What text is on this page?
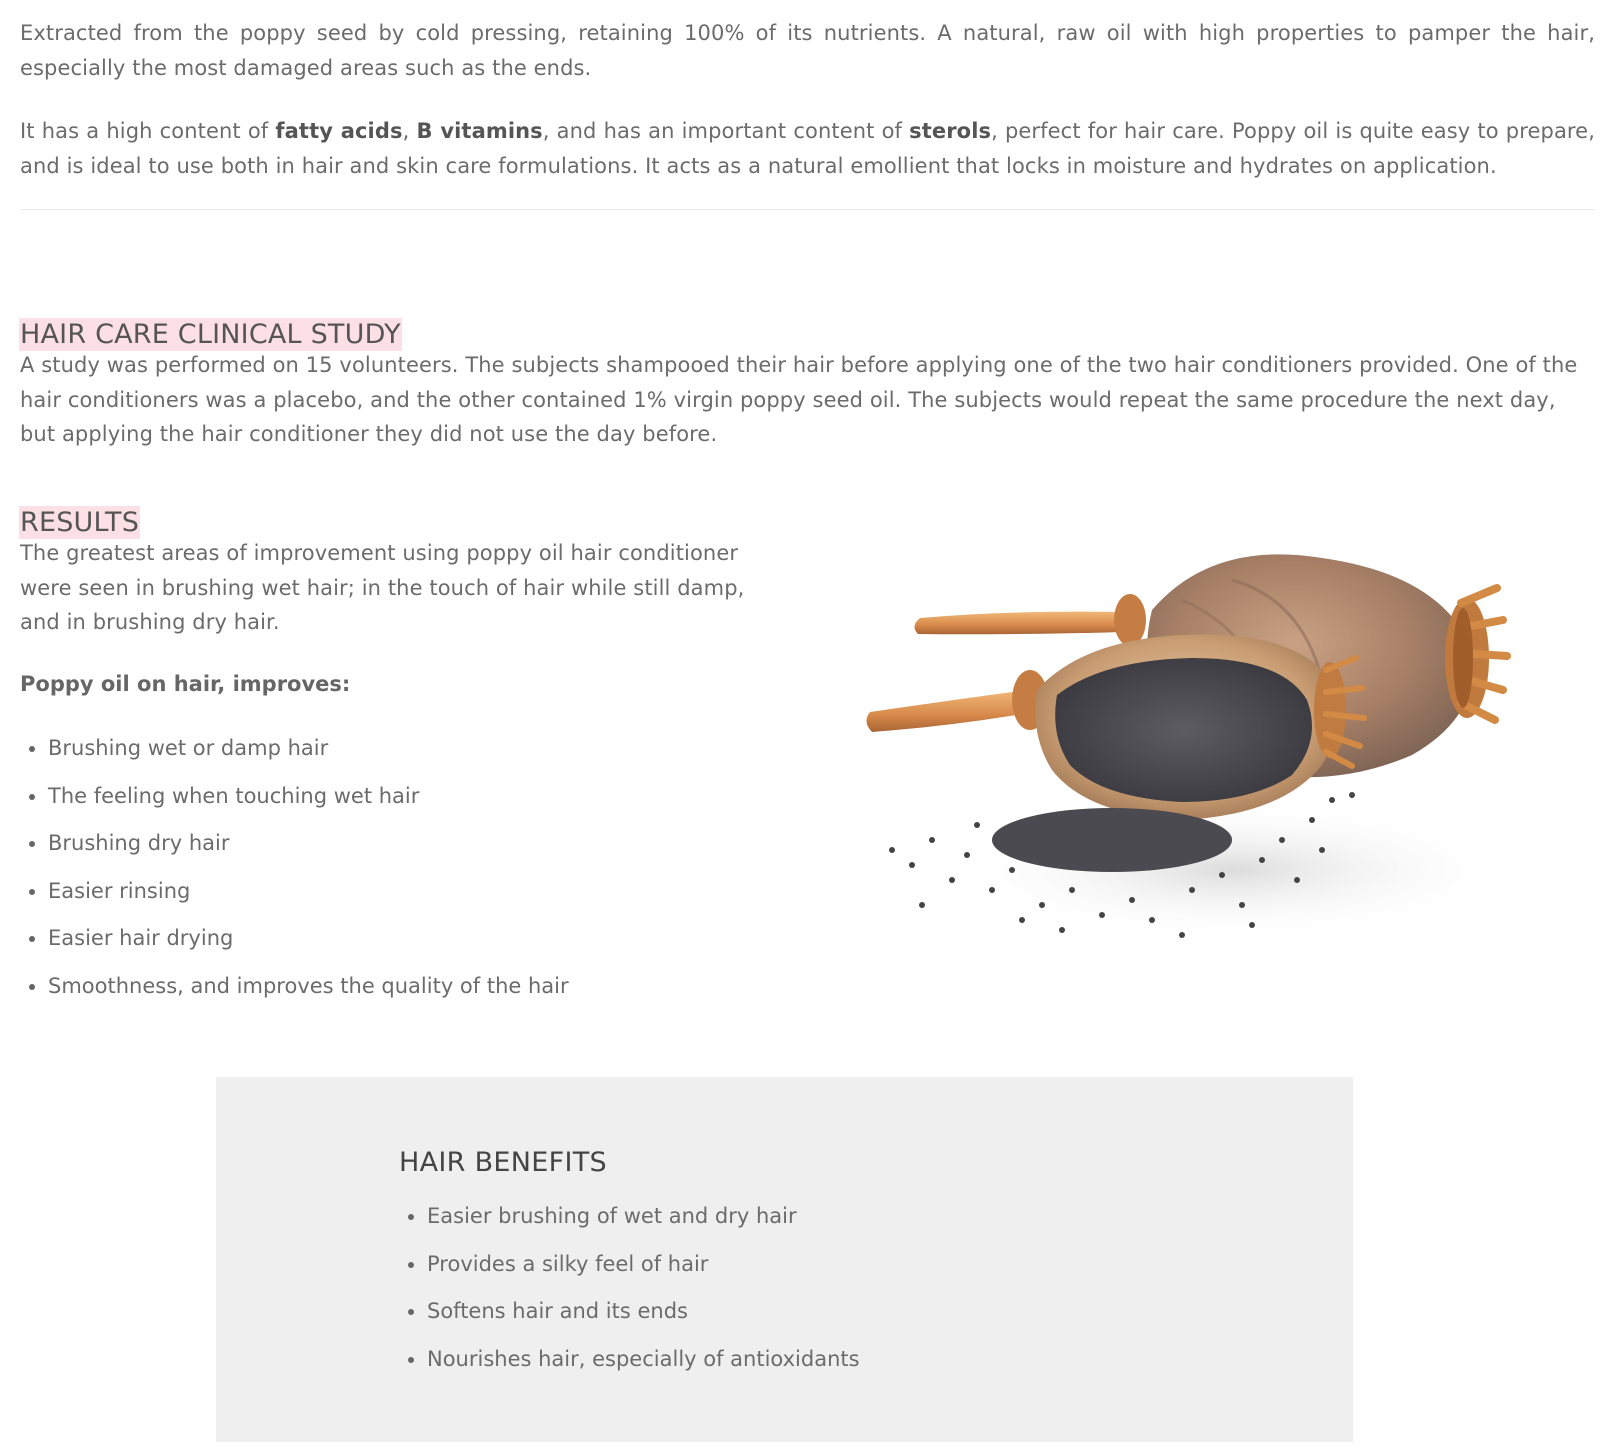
Extracted from the poppy seed by cold pressing, retaining 100% of its nutrients. A natural, raw oil with high properties to pamper the hair, especially the most damaged areas such as the ends.

It has a high content of fatty acids, B vitamins, and has an important content of sterols, perfect for hair care. Poppy oil is quite easy to prepare, and is ideal to use both in hair and skin care formulations. It acts as a natural emollient that locks in moisture and hydrates on application.

HAIR CARE CLINICAL STUDY

A study was performed on 15 volunteers. The subjects shampooed their hair before applying one of the two hair conditioners provided. One of the hair conditioners was a placebo, and the other contained 1% virgin poppy seed oil. The subjects would repeat the same procedure the next day, but applying the hair conditioner they did not use the day before.

RESULTS

The greatest areas of improvement using poppy oil hair conditioner were seen in brushing wet hair; in the touch of hair while still damp, and in brushing dry hair.

Poppy oil on hair, improves:
Brushing wet or damp hair
The feeling when touching wet hair
Brushing dry hair
Easier rinsing
Easier hair drying
Smoothness, and improves the quality of the hair
HAIR BENEFITS
Easier brushing of wet and dry hair
Provides a silky feel of hair
Softens hair and its ends
Nourishes hair, especially of antioxidants
